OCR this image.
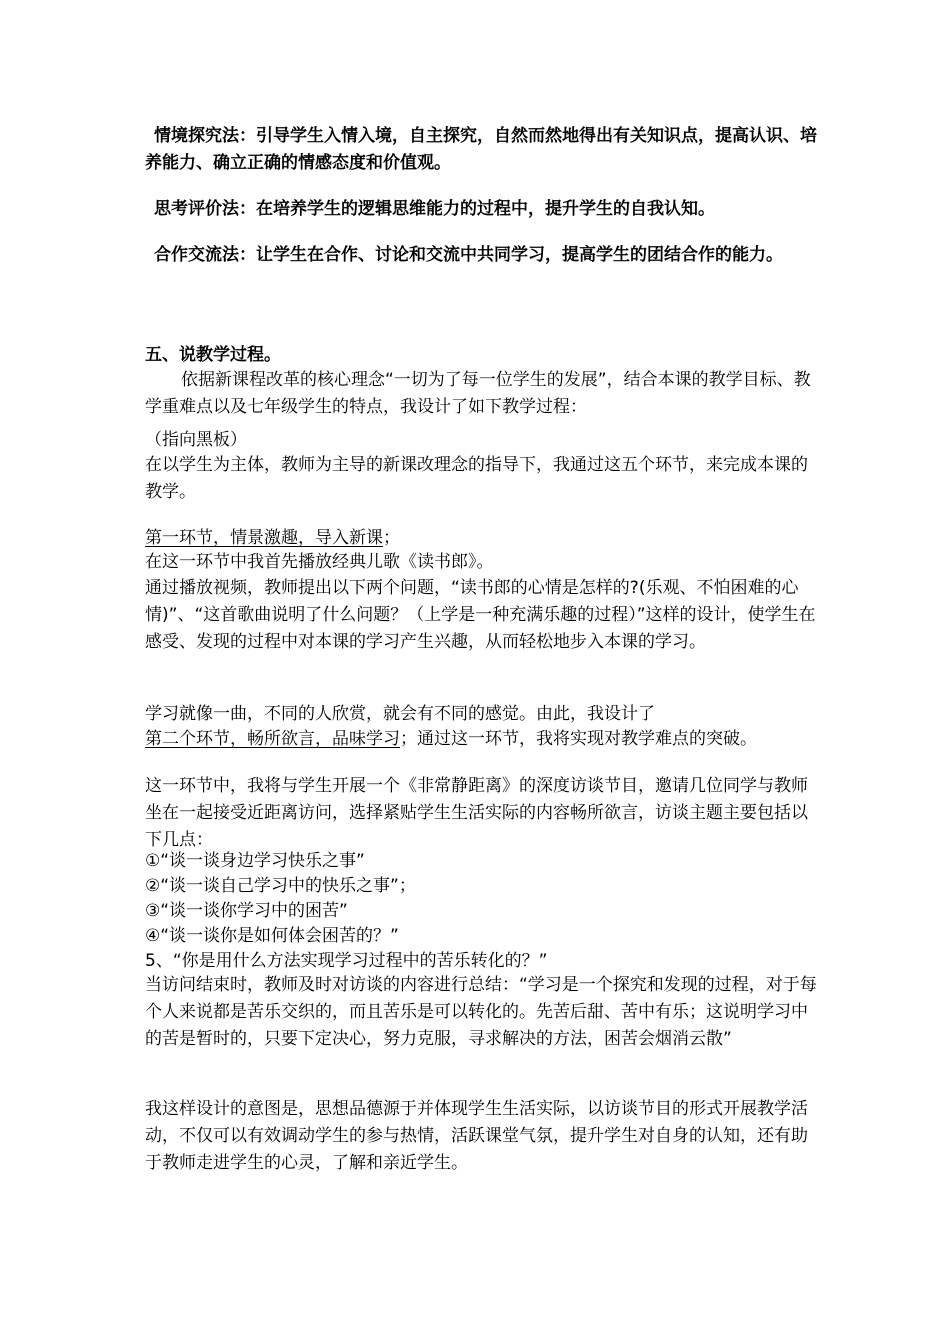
情境探究法：引导学生入情入境，自主探究，自然而然地得出有关知识点，提高认识、培养能力、确立正确的情感态度和价值观。

思考评价法：在培养学生的逻辑思维能力的过程中，提升学生的自我认知。

合作交流法：让学生在合作、讨论和交流中共同学习，提高学生的团结合作的能力。

五、说教学过程。

依据新课程改革的核心理念“一切为了每一位学生的发展”，结合本课的教学目标、教学重难点以及七年级学生的特点，我设计了如下教学过程：

（指向黑板）

在以学生为主体，教师为主导的新课改理念的指导下，我通过这五个环节，来完成本课的教学。

第一环节，情景激趣，导入新课；

在这一环节中我首先播放经典儿歌《读书郎》。

通过播放视频，教师提出以下两个问题，“读书郎的心情是怎样的?(乐观、不怕困难的心情)”、“这首歌曲说明了什么问题？（上学是一种充满乐趣的过程）”这样的设计，使学生在感受、发现的过程中对本课的学习产生兴趣，从而轻松地步入本课的学习。

学习就像一曲，不同的人欣赏，就会有不同的感觉。由此，我设计了

第二个环节，畅所欲言，品味学习；通过这一环节，我将实现对教学难点的突破。

这一环节中，我将与学生开展一个《非常静距离》的深度访谈节目，邀请几位同学与教师坐在一起接受近距离访问，选择紧贴学生生活实际的内容畅所欲言，访谈主题主要包括以下几点：

①“谈一谈身边学习快乐之事”

②“谈一谈自己学习中的快乐之事”；

③“谈一谈你学习中的困苦”

④“谈一谈你是如何体会困苦的？”

5、“你是用什么方法实现学习过程中的苦乐转化的？”

当访问结束时，教师及时对访谈的内容进行总结：“学习是一个探究和发现的过程，对于每个人来说都是苦乐交织的，而且苦乐是可以转化的。先苦后甜、苦中有乐；这说明学习中的苦是暂时的，只要下定决心，努力克服，寻求解决的方法，困苦会烟消云散”

我这样设计的意图是，思想品德源于并体现学生生活实际，以访谈节目的形式开展教学活动，不仅可以有效调动学生的参与热情，活跃课堂气氛，提升学生对自身的认知，还有助于教师走进学生的心灵，了解和亲近学生。
